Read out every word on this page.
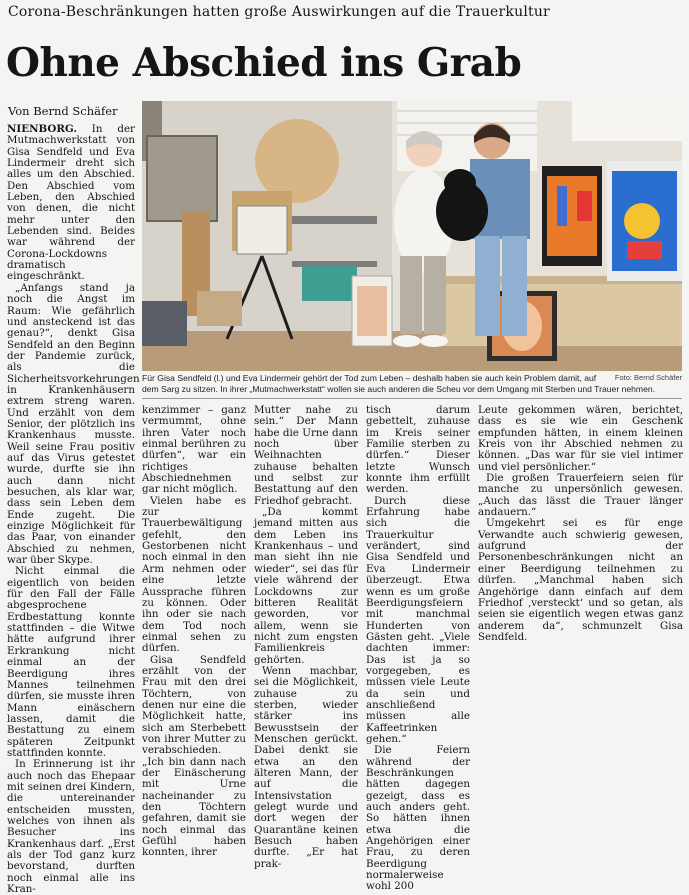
Corona-Beschränkungen hatten große Auswirkungen auf die Trauerkultur
Ohne Abschied ins Grab
Von Bernd Schäfer

NIENBORG. In der Mutmachwerkstatt von Gisa Sendfeld und Eva Lindermeir dreht sich alles um den Abschied. Den Abschied vom Leben, den Abschied von denen, die nicht mehr unter den Lebenden sind. Beides war während der Corona-Lockdowns dramatisch eingeschränkt.

„Anfangs stand ja noch die Angst im Raum: Wie gefährlich und ansteckend ist das genau?“, denkt Gisa Sendfeld an den Beginn der Pandemie zurück, als die Sicherheitsvorkehrungen in Krankenhäusern extrem streng waren. Und erzählt von dem Senior, der plötzlich ins Krankenhaus musste. Weil seine Frau positiv auf das Virus getestet wurde, durfte sie ihn auch dann nicht besuchen, als klar war, dass sein Leben dem Ende zugeht. Die einzige Möglichkeit für das Paar, von einander Abschied zu nehmen, war über Skype.

Nicht einmal die eigentlich von beiden für den Fall der Fälle abgesprochene Erdbestattung konnte stattfinden – die Witwe hätte aufgrund ihrer Erkrankung nicht einmal an der Beerdigung ihres Mannes teilnehmen dürfen, sie musste ihren Mann einäschern lassen, damit die Bestattung zu einem späteren Zeitpunkt stattfinden konnte.

In Erinnerung ist ihr auch noch das Ehepaar mit seinen drei Kindern, die untereinander entscheiden mussten, welches von ihnen als Besucher ins Krankenhaus darf. „Erst als der Tod ganz kurz bevorstand, durften noch einmal alle ins Kran-

Foto: Bernd Schäfer
Für Gisa Sendfeld (l.) und Eva Lindermeir gehört der Tod zum Leben – deshalb haben sie auch kein Problem damit, auf dem Sarg zu sitzen. In ihrer „Mutmachwerkstatt“ wollen sie auch anderen die Scheu vor dem Umgang mit Sterben und Trauer nehmen.

kenzimmer – ganz vermummt, ohne ihren Vater noch einmal berühren zu dürfen“, war ein richtiges Abschiednehmen gar nicht möglich.

Vielen habe es zur Trauerbewältigung gefehlt, den Gestorbenen nicht noch einmal in den Arm nehmen oder eine letzte Aussprache führen zu können. Oder ihn oder sie nach dem Tod noch einmal sehen zu dürfen.

Gisa Sendfeld erzählt von der Frau mit den drei Töchtern, von denen nur eine die Möglichkeit hatte, sich am Sterbebett von ihrer Mutter zu verabschieden. „Ich bin dann nach der Einäscherung mit Urne nacheinander zu den Töchtern gefahren, damit sie noch einmal das Gefühl haben konnten, ihrer

Mutter nahe zu sein.“ Der Mann habe die Urne dann noch über Weihnachten zuhause behalten und selbst zur Bestattung auf den Friedhof gebracht.

„Da kommt jemand mitten aus dem Leben ins Krankenhaus – und man sieht ihn nie wieder“, sei das für viele während der Lockdowns zur bitteren Realität geworden, vor allem, wenn sie nicht zum engsten Familienkreis gehörten.

Wenn machbar, sei die Möglichkeit, zuhause zu sterben, wieder stärker ins Bewusstsein der Menschen gerückt. Dabei denkt sie etwa an den älteren Mann, der auf die Intensivstation gelegt wurde und dort wegen der Quarantäne keinen Besuch haben durfte. „Er hat prak-

tisch darum gebettelt, zuhause im Kreis seiner Familie sterben zu dürfen.“ Dieser letzte Wunsch konnte ihm erfüllt werden.

Durch diese Erfahrung habe sich die Trauerkultur verändert, sind Gisa Sendfeld und Eva Lindermeir überzeugt. Etwa wenn es um große Beerdigungsfeiern mit manchmal Hunderten von Gästen geht. „Viele dachten immer: Das ist ja so vorgegeben, es müssen viele Leute da sein und anschließend müssen alle Kaffeetrinken gehen.“

Die Feiern während der Beschränkungen hätten dagegen gezeigt, dass es auch anders geht. So hätten ihnen etwa die Angehörigen einer Frau, zu deren Beerdigung normalerweise wohl 200

Leute gekommen wären, berichtet, dass es sie wie ein Geschenk empfunden hätten, in einem kleinen Kreis von ihr Abschied nehmen zu können. „Das war für sie viel intimer und viel persönlicher.“

Die großen Trauerfeiern seien für manche zu unpersönlich gewesen. „Auch das lässt die Trauer länger andauern.“

Umgekehrt sei es für enge Verwandte auch schwierig gewesen, aufgrund der Personenbeschränkungen nicht an einer Beerdigung teilnehmen zu dürfen. „Manchmal haben sich Angehörige dann einfach auf dem Friedhof ‚versteckt‘ und so getan, als seien sie eigentlich wegen etwas ganz anderem da“, schmunzelt Gisa Sendfeld.
